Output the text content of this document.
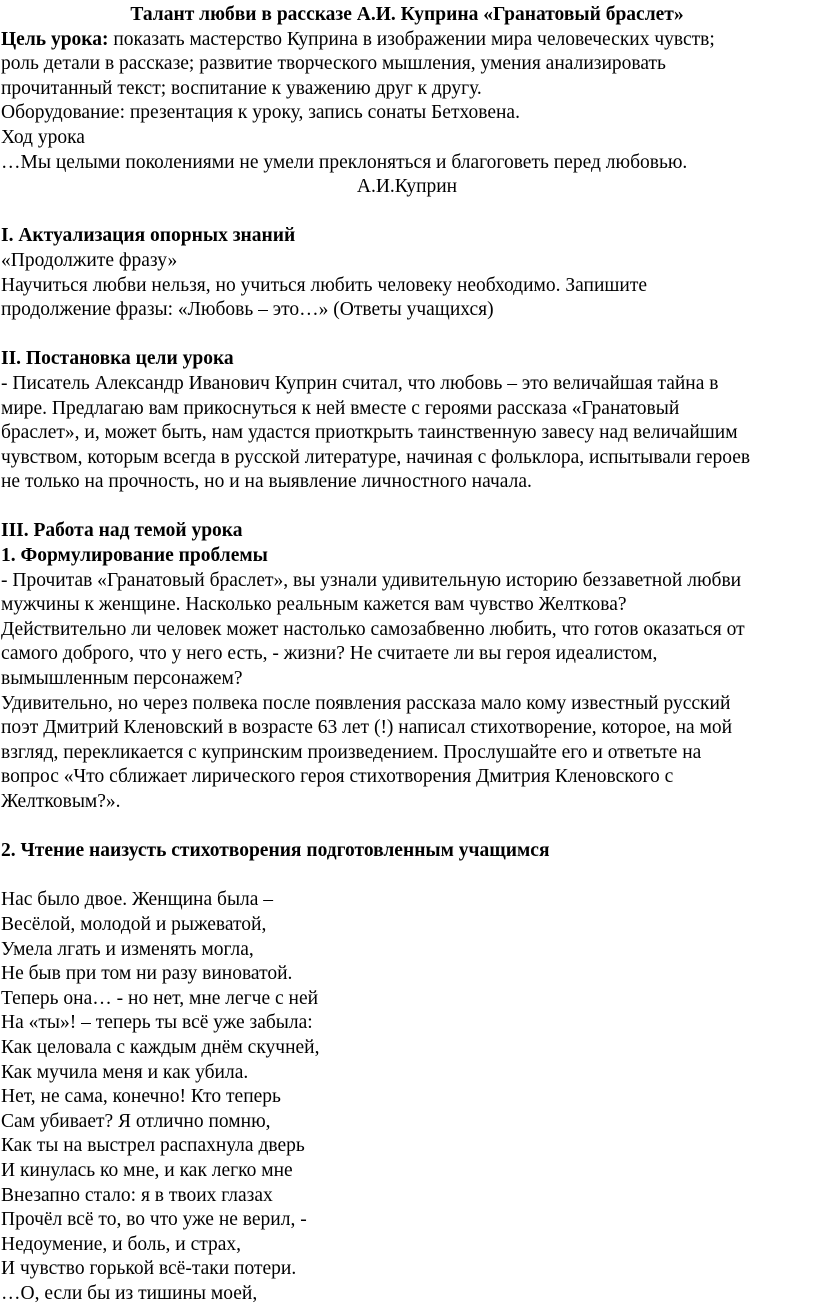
Талант любви в рассказе А.И. Куприна «Гранатовый браслет»
Цель урока: показать мастерство Куприна в изображении мира человеческих чувств;
роль детали в рассказе; развитие творческого мышления, умения анализировать
прочитанный текст; воспитание к уважению друг к другу.
Оборудование: презентация к уроку, запись сонаты Бетховена.
Ход урока
…Мы целыми поколениями не умели преклоняться и благоговеть перед любовью.
А.И.Куприн
I. Актуализация опорных знаний
«Продолжите фразу»
Научиться любви нельзя, но учиться любить человеку необходимо. Запишите
продолжение фразы: «Любовь – это…» (Ответы учащихся)
II. Постановка цели урока
- Писатель Александр Иванович Куприн считал, что любовь – это величайшая тайна в
мире. Предлагаю вам прикоснуться к ней вместе с героями рассказа «Гранатовый
браслет», и, может быть, нам удастся приоткрыть таинственную завесу над величайшим
чувством, которым всегда в русской литературе, начиная с фольклора, испытывали героев
не только на прочность, но и на выявление личностного начала.
III. Работа над темой урока
1. Формулирование проблемы
- Прочитав «Гранатовый браслет», вы узнали удивительную историю беззаветной любви
мужчины к женщине. Насколько реальным кажется вам чувство Желткова?
Действительно ли человек может настолько самозабвенно любить, что готов оказаться от
самого доброго, что у него есть, - жизни? Не считаете ли вы героя идеалистом,
вымышленным персонажем?
Удивительно, но через полвека после появления рассказа мало кому известный русский
поэт Дмитрий Кленовский в возрасте 63 лет (!) написал стихотворение, которое, на мой
взгляд, перекликается с купринским произведением. Прослушайте его и ответьте на
вопрос «Что сближает лирического героя стихотворения Дмитрия Кленовского с
Желтковым?».
2. Чтение наизусть стихотворения подготовленным учащимся
Нас было двое. Женщина была –
Весёлой, молодой и рыжеватой,
Умела лгать и изменять могла,
Не быв при том ни разу виноватой.
Теперь она… - но нет, мне легче с ней
На «ты»! – теперь ты всё уже забыла:
Как целовала с каждым днём скучней,
Как мучила меня и как убила.
Нет, не сама, конечно! Кто теперь
Сам убивает? Я отлично помню,
Как ты на выстрел распахнула дверь
И кинулась ко мне, и как легко мне
Внезапно стало: я в твоих глазах
Прочёл всё то, во что уже не верил, -
Недоумение, и боль, и страх,
И чувство горькой всё-таки потери.
…О, если бы из тишины моей,
